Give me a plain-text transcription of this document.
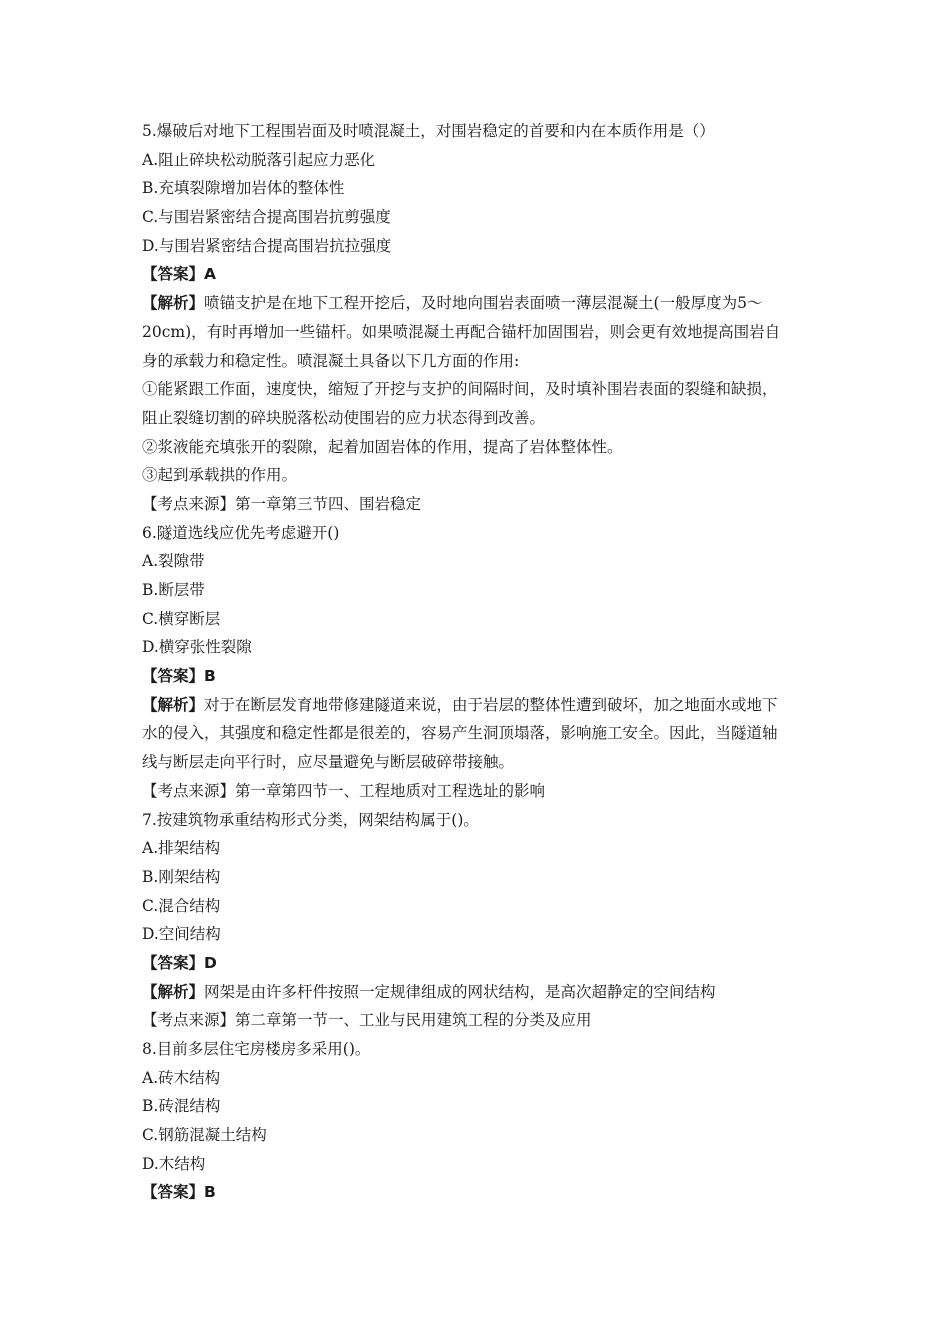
5.爆破后对地下工程围岩面及时喷混凝土，对围岩稳定的首要和内在本质作用是（）
A.阻止碎块松动脱落引起应力恶化
B.充填裂隙增加岩体的整体性
C.与围岩紧密结合提高围岩抗剪强度
D.与围岩紧密结合提高围岩抗拉强度
【答案】A
【解析】喷锚支护是在地下工程开挖后，及时地向围岩表面喷一薄层混凝土(一般厚度为5～
20cm)，有时再增加一些锚杆。如果喷混凝土再配合锚杆加固围岩，则会更有效地提高围岩自
身的承载力和稳定性。喷混凝土具备以下几方面的作用:
①能紧跟工作面，速度快，缩短了开挖与支护的间隔时间，及时填补围岩表面的裂缝和缺损，
阻止裂缝切割的碎块脱落松动使围岩的应力状态得到改善。
②浆液能充填张开的裂隙，起着加固岩体的作用，提高了岩体整体性。
③起到承载拱的作用。
【考点来源】第一章第三节四、围岩稳定
6.隧道选线应优先考虑避开()
A.裂隙带
B.断层带
C.横穿断层
D.横穿张性裂隙
【答案】B
【解析】对于在断层发育地带修建隧道来说，由于岩层的整体性遭到破坏，加之地面水或地下
水的侵入，其强度和稳定性都是很差的，容易产生洞顶塌落，影响施工安全。因此，当隧道轴
线与断层走向平行时，应尽量避免与断层破碎带接触。
【考点来源】第一章第四节一、工程地质对工程选址的影响
7.按建筑物承重结构形式分类，网架结构属于()。
A.排架结构
B.刚架结构
C.混合结构
D.空间结构
【答案】D
【解析】网架是由许多杆件按照一定规律组成的网状结构，是高次超静定的空间结构
【考点来源】第二章第一节一、工业与民用建筑工程的分类及应用
8.目前多层住宅房楼房多采用()。
A.砖木结构
B.砖混结构
C.钢筋混凝土结构
D.木结构
【答案】B
